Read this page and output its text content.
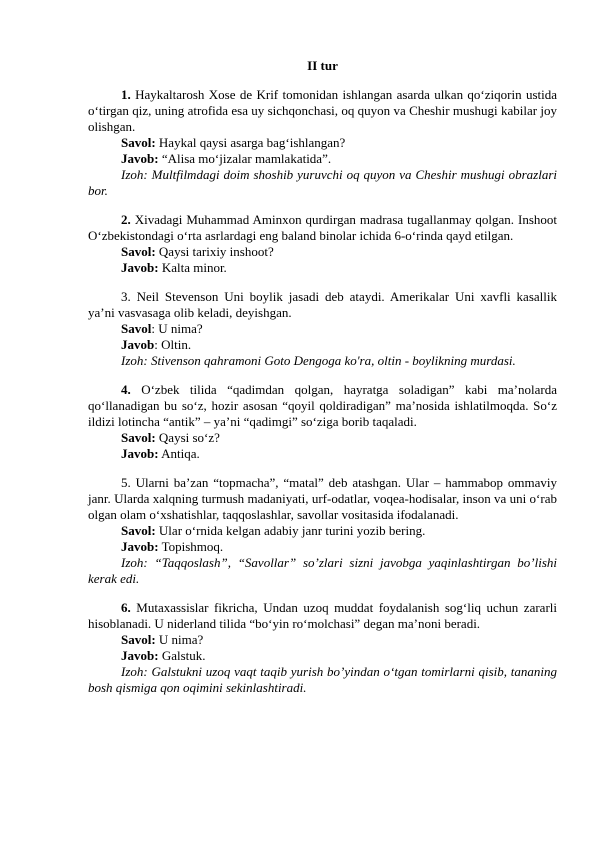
II tur

1. Haykaltarosh Xose de Krif tomonidan ishlangan asarda ulkan qo‘ziqorin ustida o‘tirgan qiz, uning atrofida esa uy sichqonchasi, oq quyon va Cheshir mushugi kabilar joy olishgan.

Savol: Haykal qaysi asarga bag‘ishlangan?

Javob: “Alisa mo‘jizalar mamlakatida”.

Izoh: Multfilmdagi doim shoshib yuruvchi oq quyon va Cheshir mushugi obrazlari bor.

2. Xivadagi Muhammad Aminxon qurdirgan madrasa tugallanmay qolgan. Inshoot O‘zbekistondagi o‘rta asrlardagi eng baland binolar ichida 6-o‘rinda qayd etilgan.

Savol: Qaysi tarixiy inshoot?

Javob: Kalta minor.

3. Neil Stevenson Uni boylik jasadi deb ataydi. Amerikalar Uni xavfli kasallik ya’ni vasvasaga olib keladi, deyishgan.

Savol: U nima?

Javob: Oltin.

Izoh: Stivenson qahramoni Goto Dengoga ko'ra, oltin - boylikning murdasi.

4. O‘zbek tilida “qadimdan qolgan, hayratga soladigan” kabi ma’nolarda qo‘llanadigan bu so‘z, hozir asosan “qoyil qoldiradigan” ma’nosida ishlatilmoqda. So‘z ildizi lotincha “antik” – ya’ni “qadimgi” so‘ziga borib taqaladi.

Savol: Qaysi so‘z?

Javob: Antiqa.

5. Ularni ba’zan “topmacha”, “matal” deb atashgan. Ular – hammabop ommaviy janr. Ularda xalqning turmush madaniyati, urf-odatlar, voqea-hodisalar, inson va uni o‘rab olgan olam o‘xshatishlar, taqqoslashlar, savollar vositasida ifodalanadi.

Savol: Ular o‘rnida kelgan adabiy janr turini yozib bering.

Javob: Topishmoq.

Izoh: “Taqqoslash”, “Savollar” so’zlari sizni javobga yaqinlashtirgan bo’lishi kerak edi.

6. Mutaxassislar fikricha, Undan uzoq muddat foydalanish sog‘liq uchun zararli hisoblanadi. U niderland tilida “bo‘yin ro‘molchasi” degan ma’noni beradi.

Savol: U nima?

Javob: Galstuk.

Izoh: Galstukni uzoq vaqt taqib yurish bo’yindan o‘tgan tomirlarni qisib, tananing bosh qismiga qon oqimini sekinlashtiradi.
